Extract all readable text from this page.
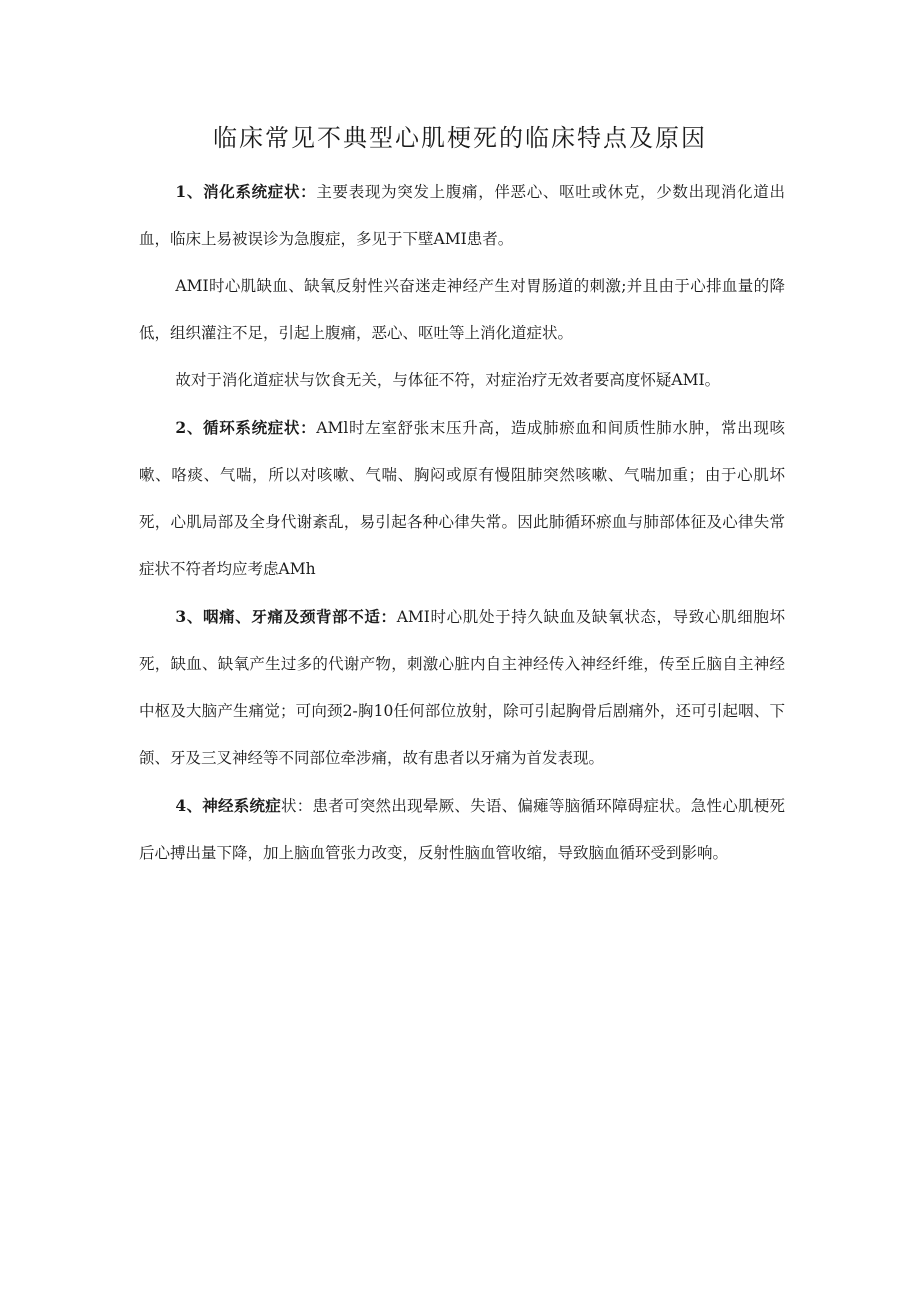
临床常见不典型心肌梗死的临床特点及原因

1、消化系统症状：主要表现为突发上腹痛，伴恶心、呕吐或休克，少数出现消化道出血，临床上易被误诊为急腹症，多见于下壁AMI患者。

AMI时心肌缺血、缺氧反射性兴奋迷走神经产生对胃肠道的刺激;并且由于心排血量的降低，组织灌注不足，引起上腹痛，恶心、呕吐等上消化道症状。

故对于消化道症状与饮食无关，与体征不符，对症治疗无效者要高度怀疑AMI。

2、循环系统症状：AMl时左室舒张末压升高，造成肺瘀血和间质性肺水肿，常出现咳嗽、咯痰、气喘，所以对咳嗽、气喘、胸闷或原有慢阻肺突然咳嗽、气喘加重；由于心肌坏死，心肌局部及全身代谢紊乱，易引起各种心律失常。因此肺循环瘀血与肺部体征及心律失常症状不符者均应考虑AMh

3、咽痛、牙痛及颈背部不适：AMI时心肌处于持久缺血及缺氧状态，导致心肌细胞坏死，缺血、缺氧产生过多的代谢产物，刺激心脏内自主神经传入神经纤维，传至丘脑自主神经中枢及大脑产生痛觉；可向颈2-胸10任何部位放射，除可引起胸骨后剧痛外，还可引起咽、下颌、牙及三叉神经等不同部位牵涉痛，故有患者以牙痛为首发表现。

4、神经系统症状：患者可突然出现晕厥、失语、偏瘫等脑循环障碍症状。急性心肌梗死后心搏出量下降，加上脑血管张力改变，反射性脑血管收缩，导致脑血循环受到影响。
